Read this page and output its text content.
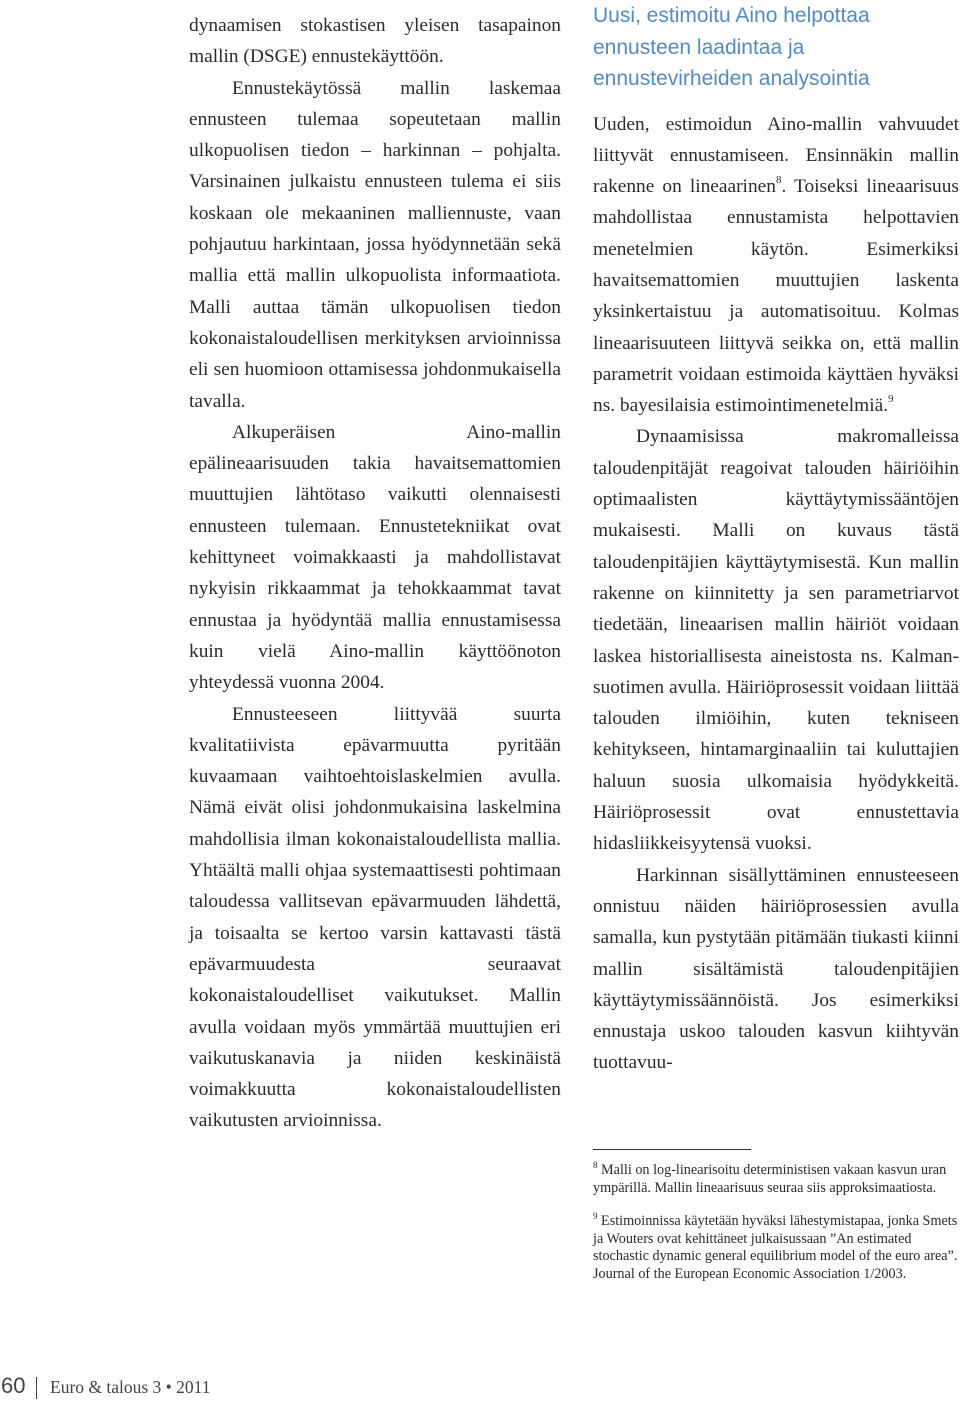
dynaamisen stokastisen yleisen tasapainon mallin (DSGE) ennustekäyttöön.

Ennustekäytössä mallin laskemaa ennusteen tulemaa sopeutetaan mallin ulkopuolisen tiedon – harkinnan – pohjalta. Varsinainen julkaistu ennusteen tulema ei siis koskaan ole mekaaninen malliennuste, vaan pohjautuu harkintaan, jossa hyödynnetään sekä mallia että mallin ulkopuolista informaatiota. Malli auttaa tämän ulkopuolisen tiedon kokonaistaloudellisen merkityksen arvioinnissa eli sen huomioon ottamisessa johdonmukaisella tavalla.

Alkuperäisen Aino-mallin epälineaarisuuden takia havaitsemattomien muuttujien lähtötaso vaikutti olennaisesti ennusteen tulemaan. Ennustetekniikat ovat kehittyneet voimakkaasti ja mahdollistavat nykyisin rikkaammat ja tehokkaammat tavat ennustaa ja hyödyntää mallia ennustamisessa kuin vielä Aino-mallin käyttöönoton yhteydessä vuonna 2004.

Ennusteeseen liittyvää suurta kvalitatiivista epävarmuutta pyritään kuvaamaan vaihtoehtoislaskelmien avulla. Nämä eivät olisi johdonmukaisina laskelmina mahdollisia ilman kokonaistaloudellista mallia. Yhtäältä malli ohjaa systemaattisesti pohtimaan taloudessa vallitsevan epävarmuuden lähdettä, ja toisaalta se kertoo varsin kattavasti tästä epävarmuudesta seuraavat kokonaistaloudelliset vaikutukset. Mallin avulla voidaan myös ymmärtää muuttujien eri vaikutuskanavia ja niiden keskinäistä voimakkuutta kokonaistaloudellisten vaikutusten arvioinnissa.

Uusi, estimoitu Aino helpottaa ennusteen laadintaa ja ennustevirheiden analysointia

Uuden, estimoidun Aino-mallin vahvuudet liittyvät ennustamiseen. Ensinnäkin mallin rakenne on lineaarinen$^8$. Toiseksi lineaarisuus mahdollistaa ennustamista helpottavien menetelmien käytön. Esimerkiksi havaitsemattomien muuttujien laskenta yksinkertaistuu ja automatisoituu. Kolmas lineaarisuuteen liittyvä seikka on, että mallin parametrit voidaan estimoida käyttäen hyväksi ns. bayesilaisia estimointimenetelmiä.$^9$

Dynaamisissa makromalleissa taloudenpitäjät reagoivat talouden häiriöihin optimaalisten käyttäytymissääntöjen mukaisesti. Malli on kuvaus tästä taloudenpitäjien käyttäytymisestä. Kun mallin rakenne on kiinnitetty ja sen parametriarvot tiedetään, lineaarisen mallin häiriöt voidaan laskea historiallisesta aineistosta ns. Kalman-suotimen avulla. Häiriöprosessit voidaan liittää talouden ilmiöihin, kuten tekniseen kehitykseen, hintamarginaaliin tai kuluttajien haluun suosia ulkomaisia hyödykkeitä. Häiriöprosessit ovat ennustettavia hidasliikkeisyytensä vuoksi.

Harkinnan sisällyttäminen ennusteeseen onnistuu näiden häiriöprosessien avulla samalla, kun pystytään pitämään tiukasti kiinni mallin sisältämistä taloudenpitäjien käyttäytymissäännöistä. Jos esimerkiksi ennustaja uskoo talouden kasvun kiihtyvän tuottavuu-

$^8$ Malli on log-linearisoitu deterministisen vakaan kasvun uran ympärillä. Mallin lineaarisuus seuraa siis approksimaatiosta.

$^9$ Estimoinnissa käytetään hyväksi lähestymistapaa, jonka Smets ja Wouters ovat kehittäneet julkaisussaan ”An estimated stochastic dynamic general equilibrium model of the euro area”. Journal of the European Economic Association 1/2003.

60 Euro & talous 3 • 2011
